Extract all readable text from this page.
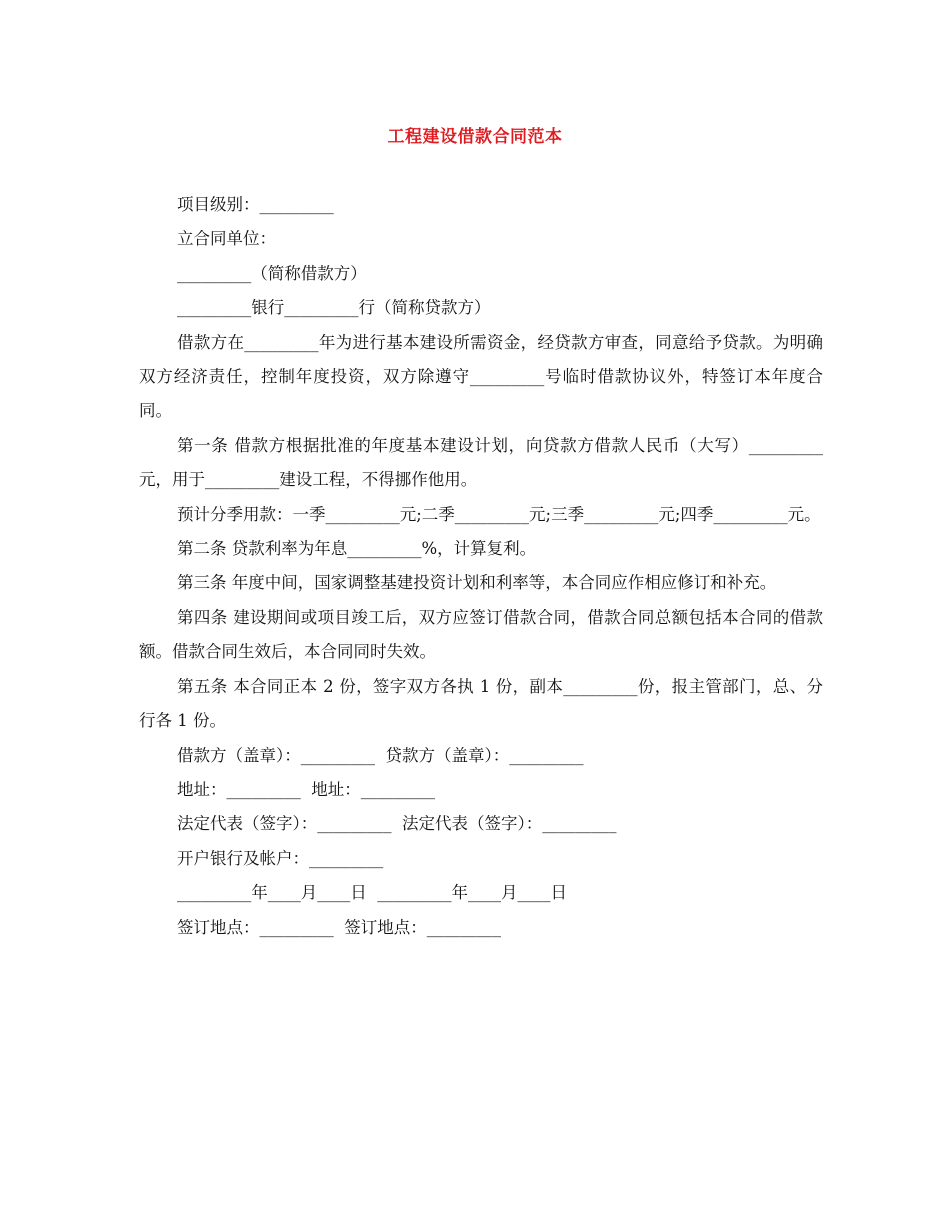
工程建设借款合同范本
项目级别：_________
立合同单位：
_________（简称借款方）
_________银行_________行（简称贷款方）
借款方在_________年为进行基本建设所需资金，经贷款方审查，同意给予贷款。为明确双方经济责任，控制年度投资，双方除遵守_________号临时借款协议外，特签订本年度合同。
第一条 借款方根据批准的年度基本建设计划，向贷款方借款人民币（大写）_________元，用于_________建设工程，不得挪作他用。
预计分季用款：一季_________元;二季_________元;三季_________元;四季_________元。
第二条 贷款利率为年息_________%，计算复利。
第三条 年度中间，国家调整基建投资计划和利率等，本合同应作相应修订和补充。
第四条 建设期间或项目竣工后，双方应签订借款合同，借款合同总额包括本合同的借款额。借款合同生效后，本合同同时失效。
第五条 本合同正本 2 份，签字双方各执 1 份，副本_________份，报主管部门，总、分行各 1 份。
借款方（盖章）：_________  贷款方（盖章）：_________
地址：_________  地址：_________
法定代表（签字）：_________  法定代表（签字）：_________
开户银行及帐户：_________
_________年____月____日  _________年____月____日
签订地点：_________  签订地点：_________
